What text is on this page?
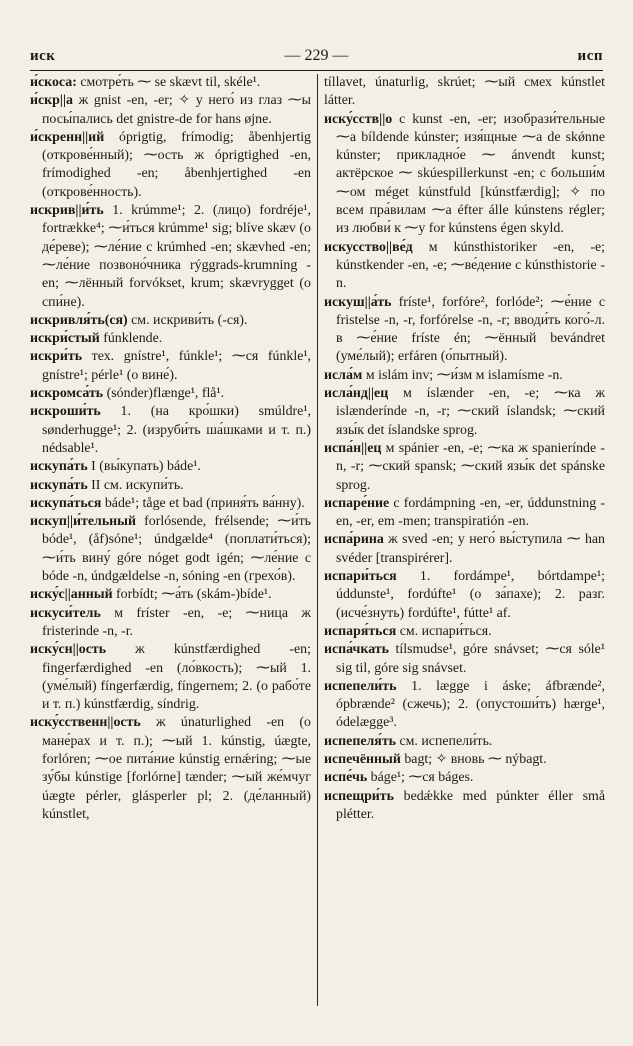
иск	— 229 —	исп

и́скоса: смотре́ть ⁓ se skævt til, skéle¹.

и́скр||а ж gnist -en, -er; ✧ у него́ из глаз ⁓ы посы́пались det gnistre-de for hans øjne.

и́скренн||ий óprigtig, frímodig; åbenhjertig (открове́нный); ⁓ость ж óprigtighed -en, frímodighed -en; åbenhjertighed -en (открове́нность).

искрив||и́ть 1. krúmme¹; 2. (лицо) fordréje¹, fortrække⁴; ⁓и́ться krúmme¹ sig; blíve skæv (о де́реве); ⁓ле́ние с krúmhed -en; skævhed -en; ⁓ле́ние позвоно́чника rýggrads-krumning -en; ⁓лённый forvókset, krum; skævrygget (о спи́не).

искривля́ть(ся) см. искриви́ть (-ся).

искри́стый fúnklende.

искри́ть тех. gnístre¹, fúnkle¹; ⁓ся fúnkle¹, gnístre¹; pérle¹ (о вине́).

искромса́ть (sónder)flænge¹, flå¹.

искроши́ть 1. (на кро́шки) smúldre¹, sønderhugge¹; 2. (изруби́ть ша́шками и т. п.) nédsable¹.

искупа́ть I (вы́купать) báde¹.

искупа́ть II см. искупи́ть.

искупа́ться báde¹; tåge et bad (приня́ть ва́нну).

искуп||и́тельный forlósende, frélsende; ⁓и́ть bóde¹, (åf)sóne¹; úndgælde⁴ (поплати́ться); ⁓и́ть вину́ góre nóget godt igén; ⁓ле́ние с bóde -n, úndgældelse -n, sóning -en (грехо́в).

иску́с||анный forbídt; ⁓а́ть (skám-)bíde¹.

искуси́тель м fríster -en, -e; ⁓ница ж fristerinde -n, -r.

иску́сн||ость ж kúnstfærdighed -en; fingerfærdighed -en (ло́вкость); ⁓ый 1. (уме́лый) fíngerfærdig, fíngernem; 2. (о рабо́те и т. п.) kúnstfærdig, síndrig.

иску́сственн||ость ж únaturlighed -en (о мане́рах и т. п.); ⁓ый 1. kúnstig, úægte, forlóren; ⁓ое пита́ние kúnstig ernǽring; ⁓ые зу́бы kúnstige [forlórne] tænder; ⁓ый же́мчуг úægte pérler, glásperler pl; 2. (де́ланный) kúnstlet,

tíllavet, únaturlig, skrúet; ⁓ый смех kúnstlet látter.

иску́сств||о с kunst -en, -er; изобрази́тельные ⁓а bíldende kúnster; изя́щные ⁓а de skǿnne kúnster; прикладно́е ⁓ ánvendt kunst; актёрское ⁓ skúespillerkunst -en; с больши́м ⁓ом méget kúnstfuld [kúnstfærdig]; ✧ по всем пра́вилам ⁓а éfter álle kúnstens régler; из любви́ к ⁓у for kúnstens égen skyld.

искусство||ве́д м kúnsthistoriker -en, -e; kúnstkender -en, -e; ⁓ве́дение с kúnsthistorie -n.

искуш||а́ть fríste¹, forfóre², forlóde²; ⁓е́ние с fristelse -n, -r, forfórelse -n, -r; вводи́ть кого́-л. в ⁓е́ние fríste én; ⁓ённый bevándret (уме́лый); erfáren (о́пытный).

исла́м м islám inv; ⁓и́зм м islamísme -n.

исла́нд||ец м íslænder -en, -e; ⁓ка ж islænderínde -n, -r; ⁓ский íslandsk; ⁓ский язы́к det íslandske sprog.

испа́н||ец м spánier -en, -e; ⁓ка ж spanierínde -n, -r; ⁓ский spansk; ⁓ский язы́к det spánske sprog.

испаре́ние с fordámpning -en, -er, úddunstning -en, -er, em -men; transpiratión -en.

испа́рина ж sved -en; у него́ вы́ступила ⁓ han svéder [transpirérer].

испари́ться 1. fordámpe¹, bórtdampe¹; úddunste¹, fordúfte¹ (о за́пахе); 2. разг. (исче́знуть) fordúfte¹, fútte¹ af.

испаря́ться см. испари́ться.

испа́чкать tílsmudse¹, góre snávset; ⁓ся sóle¹ sig til, góre sig snávset.

испепели́ть 1. lægge i áske; áfbrænde², ópbrænde² (сжечь); 2. (опустоши́ть) hærge¹, ódelægge³.

испепеля́ть см. испепели́ть.

испечённый bagt; ✧ вновь ⁓ nýbagt.

испе́чь báge¹; ⁓ся báges.

испещри́ть bedǽkke med púnkter éller små plétter.
